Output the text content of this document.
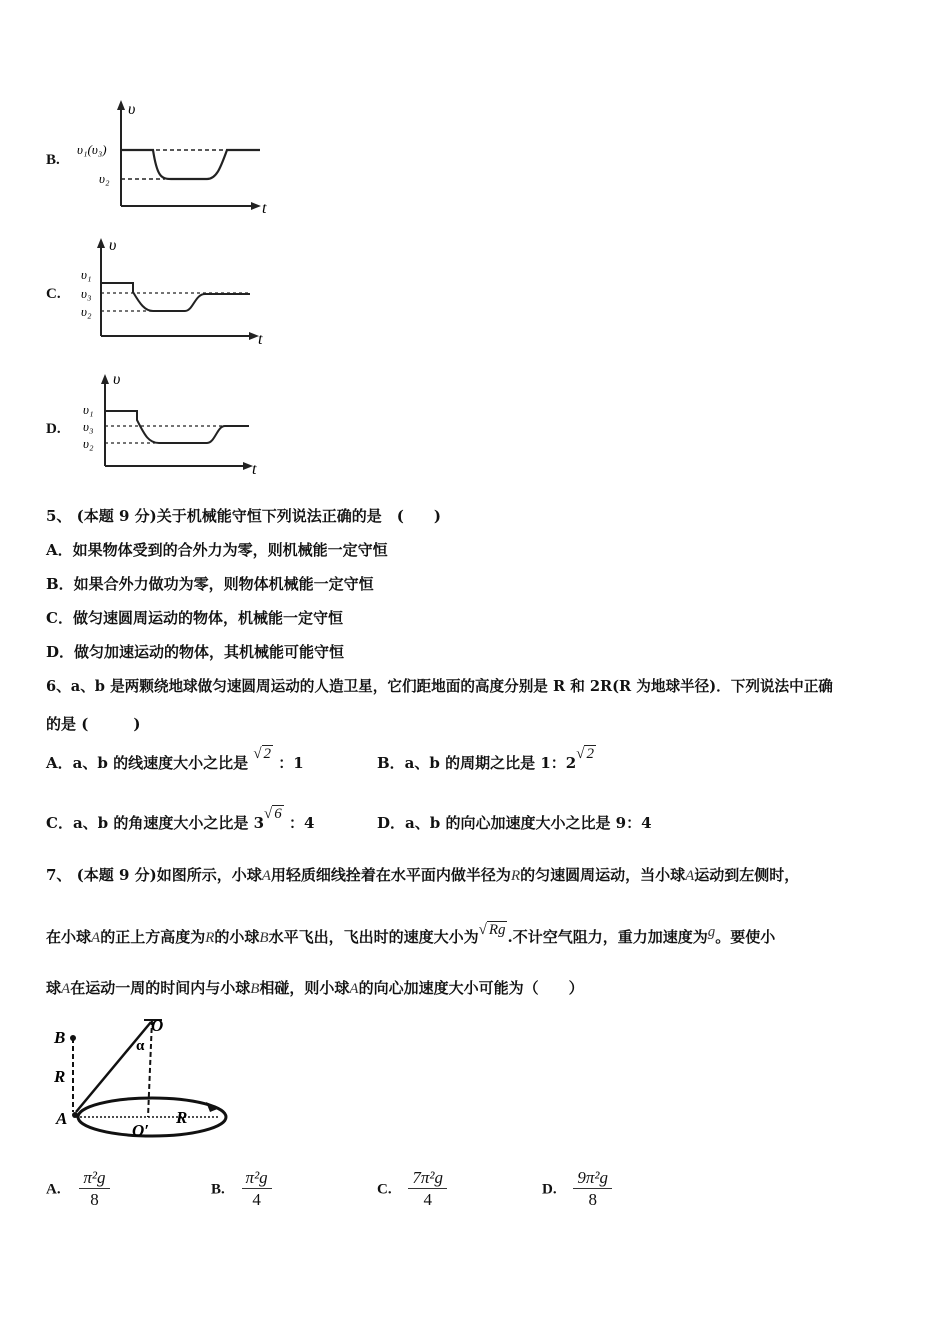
B.
υ
t
υ₁(υ₃)
υ₂
C.
υ
t
υ₁
υ₃
υ₂
D.
υ
t
υ₁
υ₃
υ₂
5、 (本题 9 分)关于机械能守恒下列说法正确的是　(　　)
A．如果物体受到的合外力为零，则机械能一定守恒
B．如果合外力做功为零，则物体机械能一定守恒
C．做匀速圆周运动的物体，机械能一定守恒
D．做匀加速运动的物体，其机械能可能守恒
6、a、b 是两颗绕地球做匀速圆周运动的人造卫星，它们距地面的高度分别是 R 和 2R(R 为地球半径)．下列说法中正确
的是 (　　　)
A．a、b 的线速度大小之比是 √ 2 ：1	B．a、b 的周期之比是 1：2√ 2
C．a、b 的角速度大小之比是 3√ 6 ：4	D．a、b 的向心加速度大小之比是 9：4
7、 (本题 9 分)如图所示，小球A用轻质细线拴着在水平面内做半径为R的匀速圆周运动，当小球A运动到左侧时，
在小球A的正上方高度为R的小球B水平飞出，飞出时的速度大小为√ Rg .不计空气阻力，重力加速度为g。要使小
球A在运动一周的时间内与小球B相碰，则小球A的向心加速度大小可能为（　　）
B
R
A
O
α
O′
R
A. $\frac{\text{π²g}}{8}$	B. $\frac{\text{π²g}}{4}$	C. $\frac{\text{7π²g}}{4}$	D. $\frac{\text{9π²g}}{8}$
